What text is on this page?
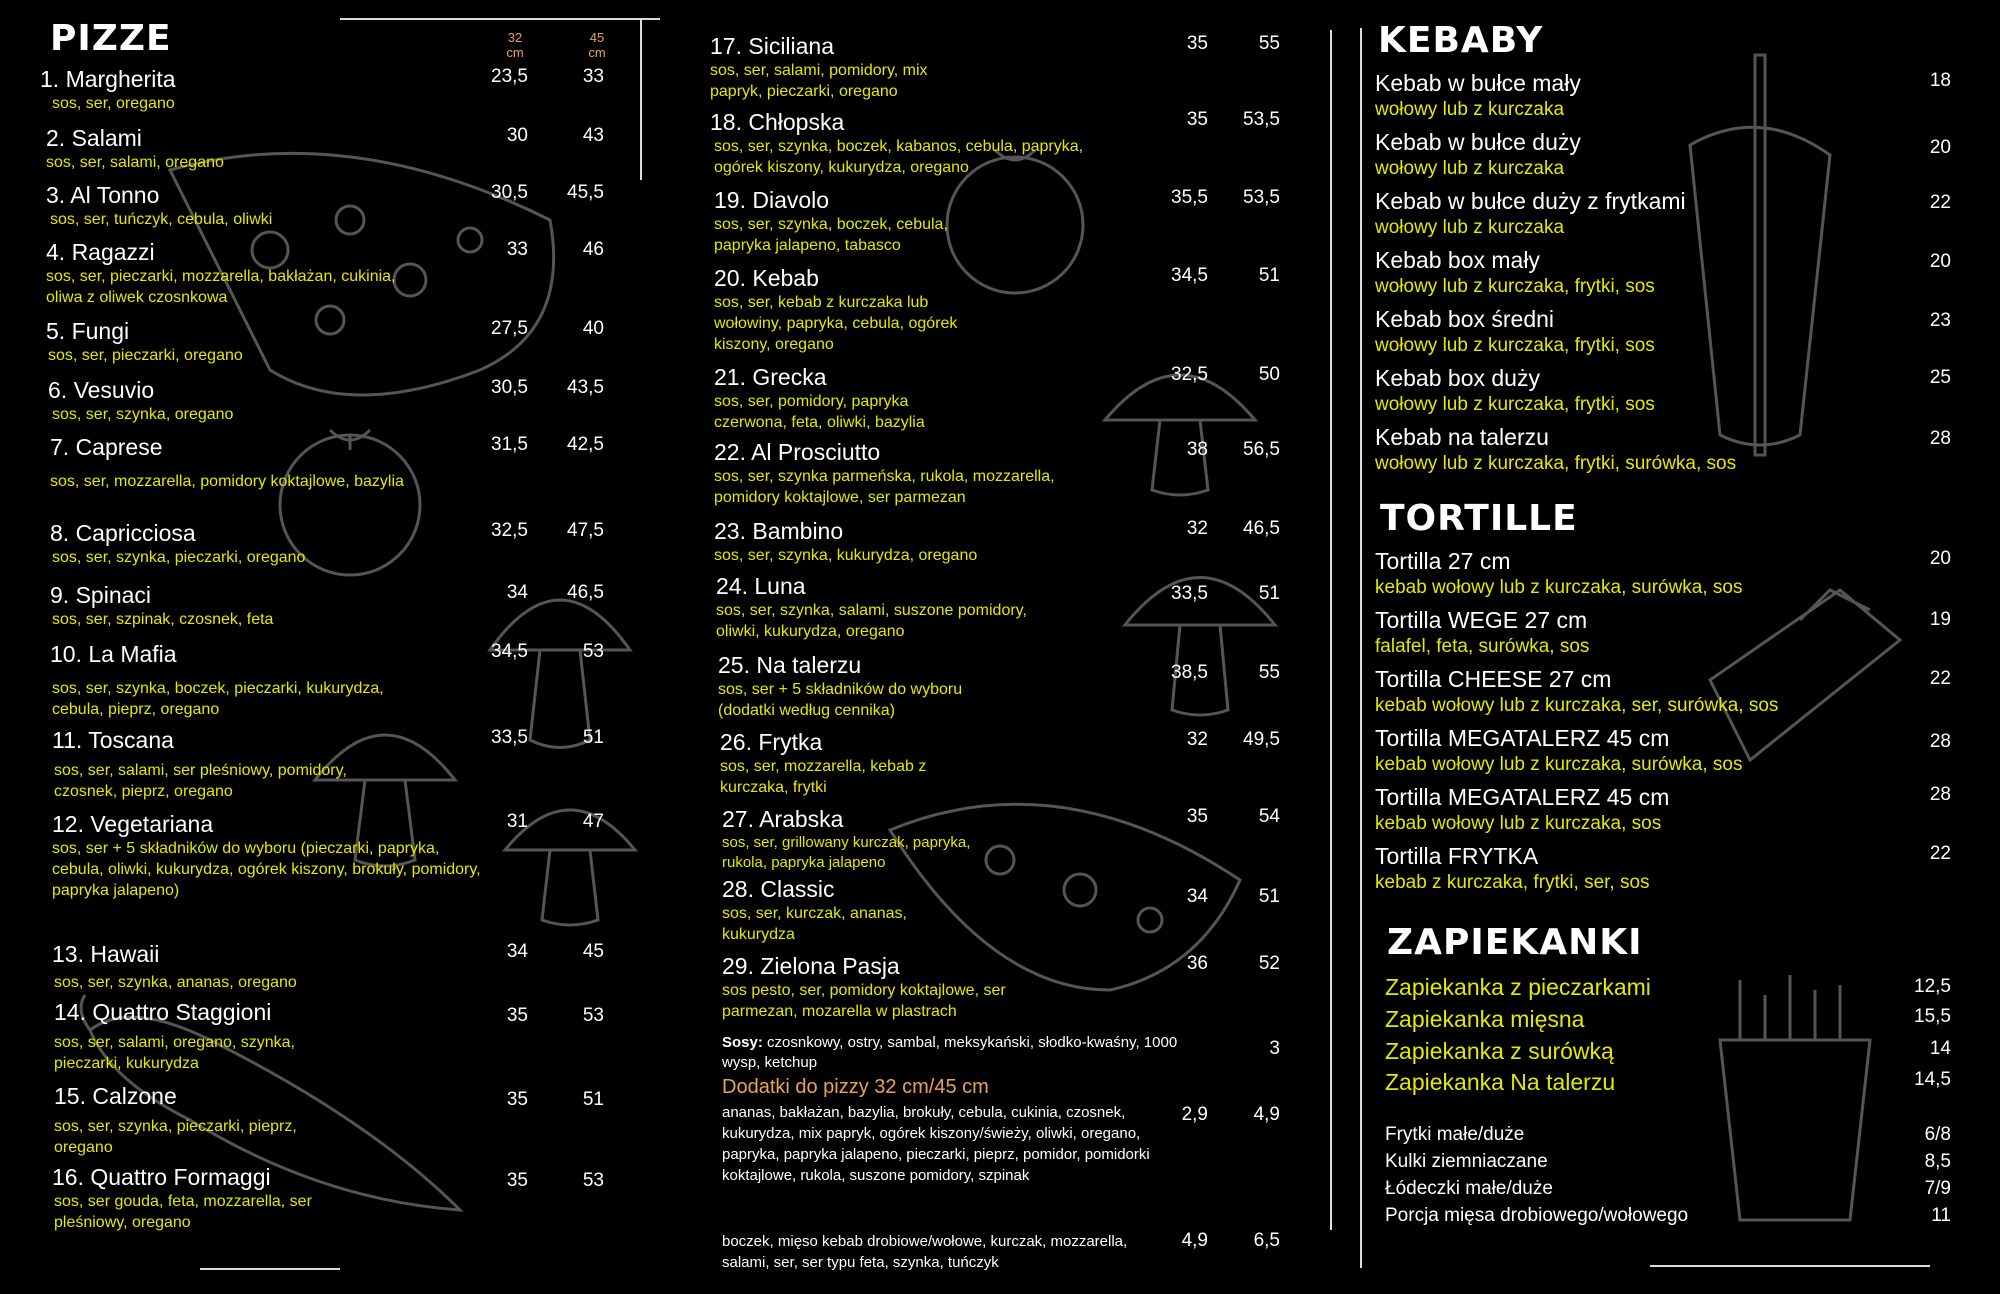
PIZZE	32
cm
45
cm
1. Margherita
sos, ser, oregano
23,5	33
2. Salami
sos, ser, salami, oregano
30	43
3. Al Tonno
sos, ser, tuńczyk, cebula, oliwki
30,5 45,5
4. Ragazzi
sos, ser, pieczarki, mozzarella, bakłażan, cukinia, oliwa z oliwek czosnkowa
33	46
5. Fungi
sos, ser, pieczarki, oregano
27,5	40
6. Vesuvio
sos, ser, szynka, oregano
30,5 43,5
7. Caprese
sos, ser, mozzarella, pomidory koktajlowe, bazylia
31,5 42,5
8. Capricciosa
sos, ser, szynka, pieczarki, oregano
32,5 47,5
9. Spinaci
sos, ser, szpinak, czosnek, feta
34 46,5
10. La Mafia
sos, ser, szynka, boczek, pieczarki, kukurydza, cebula, pieprz, oregano
34,5	53
11. Toscana
sos, ser, salami, ser pleśniowy, pomidory, czosnek, pieprz, oregano
33,5	51
12. Vegetariana
sos, ser + 5 składników do wyboru (pieczarki, papryka, cebula, oliwki, kukurydza, ogórek kiszony, brokuły, pomidory, papryka jalapeno)
31	47
13. Hawaii
sos, ser, szynka, ananas, oregano
34	45
14. Quattro Staggioni
sos, ser, salami, oregano, szynka, pieczarki, kukurydza
35	53
15. Calzone
sos, ser, szynka, pieczarki, pieprz, oregano
35	51
16. Quattro Formaggi
sos, ser gouda, feta, mozzarella, ser pleśniowy, oregano
35	53
17. Siciliana
sos, ser, salami, pomidory, mix papryk, pieczarki, oregano
35	55
18. Chłopska
sos, ser, szynka, boczek, kabanos, cebula, papryka, ogórek kiszony, kukurydza, oregano
35 53,5
19. Diavolo
sos, ser, szynka, boczek, cebula, papryka jalapeno, tabasco
35,5 53,5
20. Kebab
sos, ser, kebab z kurczaka lub wołowiny, papryka, cebula, ogórek kiszony, oregano
34,5	51
21. Grecka
sos, ser, pomidory, papryka czerwona, feta, oliwki, bazylia
32,5	50
22. Al Prosciutto
sos, ser, szynka parmeńska, rukola, mozzarella, pomidory koktajlowe, ser parmezan
38 56,5
23. Bambino
sos, ser, szynka, kukurydza, oregano
32 46,5
24. Luna
sos, ser, szynka, salami, suszone pomidory, oliwki, kukurydza, oregano
33,5	51
25. Na talerzu
sos, ser + 5 składników do wyboru (dodatki według cennika)
38,5	55
26. Frytka
sos, ser, mozzarella, kebab z kurczaka, frytki
32 49,5
27. Arabska
sos, ser, grillowany kurczak, papryka, rukola, papryka jalapeno
35	54
28. Classic
sos, ser, kurczak, ananas, kukurydza
34	51
29. Zielona Pasja
sos pesto, ser, pomidory koktajlowe, ser parmezan, mozarella w plastrach
36	52
Sosy: czosnkowy, ostry, sambal, meksykański, słodko-kwaśny, 1000 wysp, ketchup
3
Dodatki do pizzy 32 cm/45 cm
ananas, bakłażan, bazylia, brokuły, cebula, cukinia, czosnek, kukurydza, mix papryk, ogórek kiszony/świeży, oliwki, oregano, papryka, papryka jalapeno, pieczarki, pieprz, pomidor, pomidorki koktajlowe, rukola, suszone pomidory, szpinak
2,9 4,9
boczek, mięso kebab drobiowe/wołowe, kurczak, mozzarella, salami, ser, ser typu feta, szynka, tuńczyk
4,9 6,5
KEBABY
Kebab w bułce mały
wołowy lub z kurczaka
18
Kebab w bułce duży
wołowy lub z kurczaka
20
Kebab w bułce duży z frytkami
wołowy lub z kurczaka
22
Kebab box mały
wołowy lub z kurczaka, frytki, sos
20
Kebab box średni
wołowy lub z kurczaka, frytki, sos
23
Kebab box duży
wołowy lub z kurczaka, frytki, sos
25
Kebab na talerzu
wołowy lub z kurczaka, frytki, surówka, sos
28
TORTILLE
Tortilla 27 cm
kebab wołowy lub z kurczaka, surówka, sos
20
Tortilla WEGE 27 cm
falafel, feta, surówka, sos
19
Tortilla CHEESE 27 cm
kebab wołowy lub z kurczaka, ser, surówka, sos
22
Tortilla MEGATALERZ 45 cm
kebab wołowy lub z kurczaka, surówka, sos
28
Tortilla MEGATALERZ 45 cm
kebab wołowy lub z kurczaka, sos
28
Tortilla FRYTKA
kebab z kurczaka, frytki, ser, sos
22
ZAPIEKANKI
Zapiekanka z pieczarkami	12,5
Zapiekanka mięsna	15,5
Zapiekanka z surówką	14
Zapiekanka Na talerzu	14,5
Frytki małe/duże	6/8
Kulki ziemniaczane	8,5
Łódeczki małe/duże	7/9
Porcja mięsa drobiowego/wołowego	11
